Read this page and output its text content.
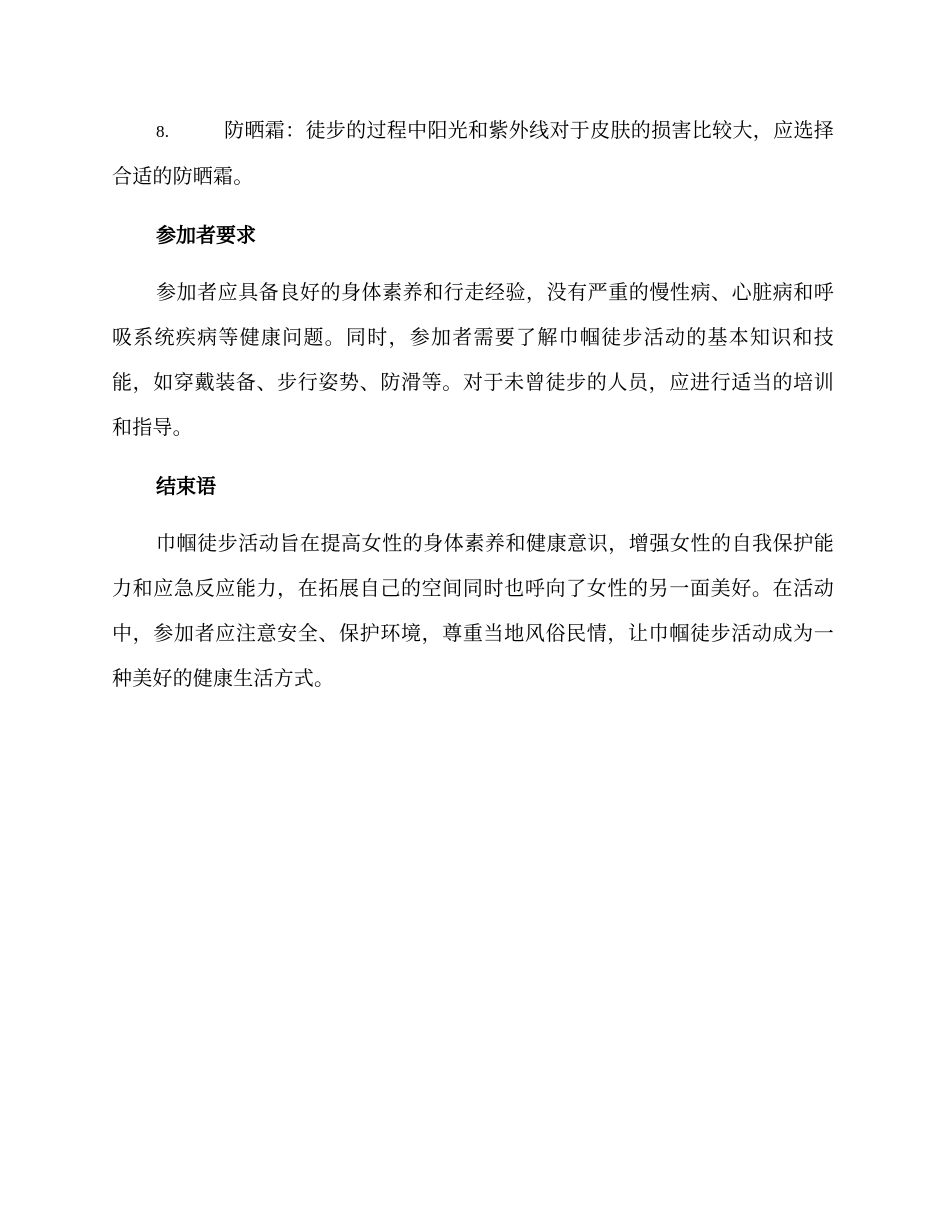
8.	防晒霜：徒步的过程中阳光和紫外线对于皮肤的损害比较大，应选择合适的防晒霜。

参加者要求

参加者应具备良好的身体素养和行走经验，没有严重的慢性病、心脏病和呼吸系统疾病等健康问题。同时，参加者需要了解巾帼徒步活动的基本知识和技能，如穿戴装备、步行姿势、防滑等。对于未曾徒步的人员，应进行适当的培训和指导。

结束语

巾帼徒步活动旨在提高女性的身体素养和健康意识，增强女性的自我保护能力和应急反应能力，在拓展自己的空间同时也呼向了女性的另一面美好。在活动中，参加者应注意安全、保护环境，尊重当地风俗民情，让巾帼徒步活动成为一种美好的健康生活方式。
